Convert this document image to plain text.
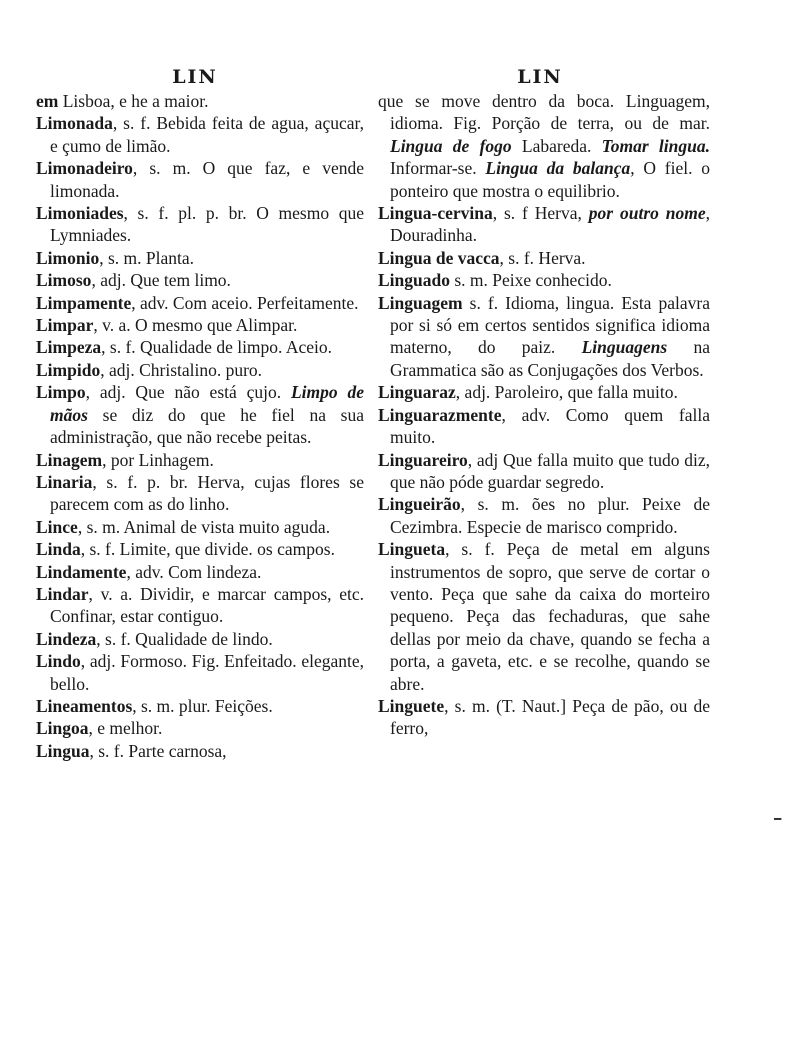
LIN

em Lisboa, e he a maior.

Limonada, s. f. Bebida feita de agua, açucar, e çumo de limão.

Limonadeiro, s. m. O que faz, e vende limonada.

Limoniades, s. f. pl. p. br. O mesmo que Lymniades.

Limonio, s. m. Planta.

Limoso, adj. Que tem limo.

Limpamente, adv. Com aceio. Perfeitamente.

Limpar, v. a. O mesmo que Alimpar.

Limpeza, s. f. Qualidade de limpo. Aceio.

Limpido, adj. Christalino. puro.

Limpo, adj. Que não está çujo. Limpo de mãos se diz do que he fiel na sua administração, que não recebe peitas.

Linagem, por Linhagem.

Linaria, s. f. p. br. Herva, cujas flores se parecem com as do linho.

Lince, s. m. Animal de vista muito aguda.

Linda, s. f. Limite, que divide. os campos.

Lindamente, adv. Com lindeza.

Lindar, v. a. Dividir, e marcar campos, etc. Confinar, estar contiguo.

Lindeza, s. f. Qualidade de lindo.

Lindo, adj. Formoso. Fig. Enfeitado. elegante, bello.

Lineamentos, s. m. plur. Feições.

Lingoa, e melhor.

Lingua, s. f. Parte carnosa,

LIN

que se move dentro da boca. Linguagem, idioma. Fig. Porção de terra, ou de mar. Lingua de fogo Labareda. Tomar lingua. Informar-se. Lingua da balança, O fiel. o ponteiro que mostra o equilibrio.

Lingua-cervina, s. f Herva, por outro nome, Douradinha.

Lingua de vacca, s. f. Herva.

Linguado s. m. Peixe conhecido.

Linguagem s. f. Idioma, lingua. Esta palavra por si só em certos sentidos significa idioma materno, do paiz. Linguagens na Grammatica são as Conjugações dos Verbos.

Linguaraz, adj. Paroleiro, que falla muito.

Linguarazmente, adv. Como quem falla muito.

Linguareiro, adj Que falla muito que tudo diz, que não póde guardar segredo.

Lingueirão, s. m. ões no plur. Peixe de Cezimbra. Especie de marisco comprido.

Lingueta, s. f. Peça de metal em alguns instrumentos de sopro, que serve de cortar o vento. Peça que sahe da caixa do morteiro pequeno. Peça das fechaduras, que sahe dellas por meio da chave, quando se fecha a porta, a gaveta, etc. e se recolhe, quando se abre.

Linguete, s. m. (T. Naut.] Peça de pão, ou de ferro,

━
